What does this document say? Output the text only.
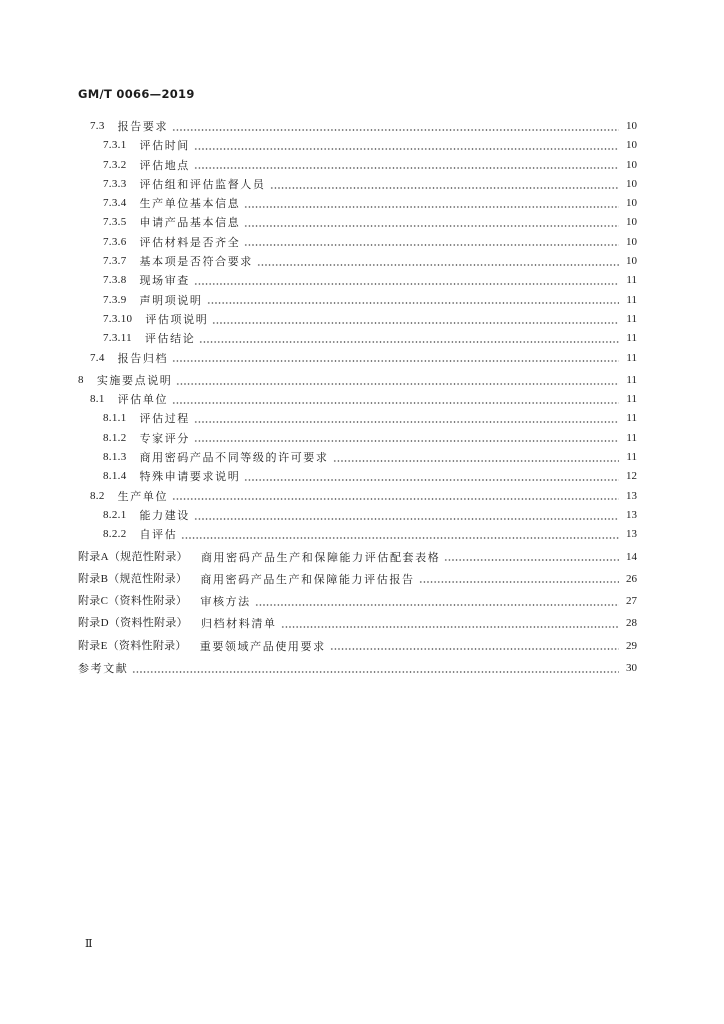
GM/T 0066—2019
7.3 报告要求	10
7.3.1 评估时间	10
7.3.2 评估地点	10
7.3.3 评估组和评估监督人员	10
7.3.4 生产单位基本信息	10
7.3.5 申请产品基本信息	10
7.3.6 评估材料是否齐全	10
7.3.7 基本项是否符合要求	10
7.3.8 现场审查	11
7.3.9 声明项说明	11
7.3.10 评估项说明	11
7.3.11 评估结论	11
7.4 报告归档	11
8 实施要点说明	11
8.1 评估单位	11
8.1.1 评估过程	11
8.1.2 专家评分	11
8.1.3 商用密码产品不同等级的许可要求	11
8.1.4 特殊申请要求说明	12
8.2 生产单位	13
8.2.1 能力建设	13
8.2.2 自评估	13
附录A（规范性附录） 商用密码产品生产和保障能力评估配套表格	14
附录B（规范性附录） 商用密码产品生产和保障能力评估报告	26
附录C（资料性附录） 审核方法	27
附录D（资料性附录） 归档材料清单	28
附录E（资料性附录） 重要领域产品使用要求	29
参考文献	30
Ⅱ
